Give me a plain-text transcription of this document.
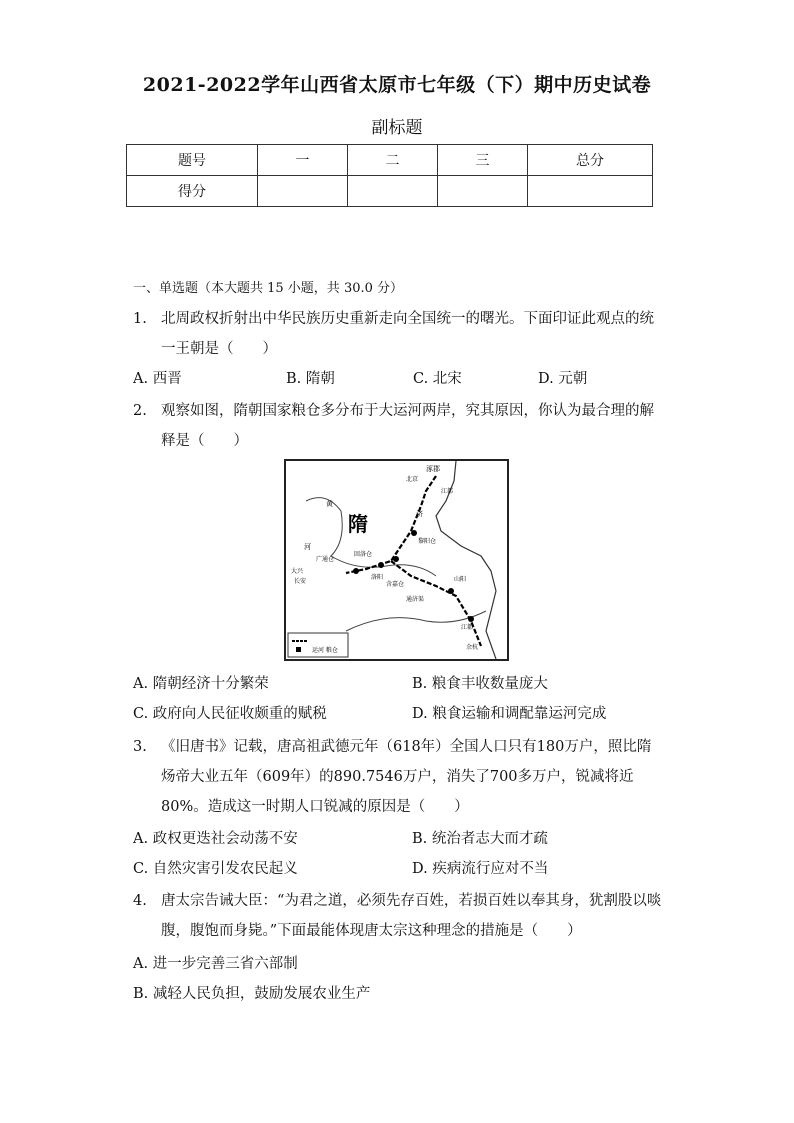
2021-2022学年山西省太原市七年级（下）期中历史试卷
副标题
题号	一	二	三	总分
得分				
一、单选题（本大题共 15 小题，共 30.0 分）
1. 北周政权折射出中华民族历史重新走向全国统一的曙光。下面印证此观点的统一王朝是（　　）
A. 西晋	B. 隋朝	C. 北宋	D. 元朝
2. 观察如图，隋朝国家粮仓多分布于大运河两岸，究其原因，你认为最合理的解释是（　　）
运河 粮仓
隋
涿郡
北京
江都
黄
河
济
大兴
长安
洛阳
回洛仓
含嘉仓
黎阳仓
广通仓
通济渠
山阳
江都
余杭
A. 隋朝经济十分繁荣	B. 粮食丰收数量庞大
C. 政府向人民征收颇重的赋税	D. 粮食运输和调配靠运河完成
3. 《旧唐书》记载，唐高祖武德元年（618年）全国人口只有180万户，照比隋炀帝大业五年（609年）的890.7546万户，消失了700多万户，锐减将近80%。造成这一时期人口锐减的原因是（　　）
A. 政权更迭社会动荡不安	B. 统治者志大而才疏
C. 自然灾害引发农民起义	D. 疾病流行应对不当
4. 唐太宗告诫大臣：“为君之道，必须先存百姓，若损百姓以奉其身，犹割股以啖腹，腹饱而身毙。”下面最能体现唐太宗这种理念的措施是（　　）
A. 进一步完善三省六部制
B. 减轻人民负担，鼓励发展农业生产
